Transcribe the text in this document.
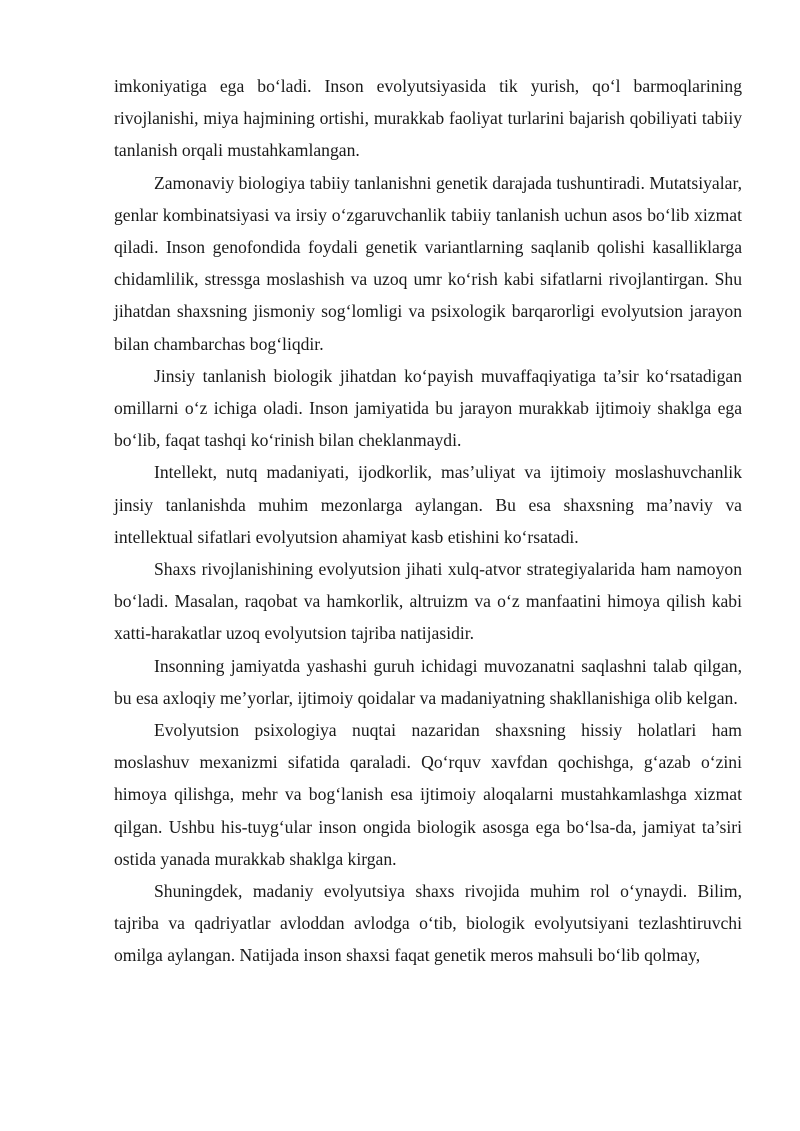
imkoniyatiga ega bo‘ladi. Inson evolyutsiyasida tik yurish, qo‘l barmoqlarining rivojlanishi, miya hajmining ortishi, murakkab faoliyat turlarini bajarish qobiliyati tabiiy tanlanish orqali mustahkamlangan.

Zamonaviy biologiya tabiiy tanlanishni genetik darajada tushuntiradi. Mutatsiyalar, genlar kombinatsiyasi va irsiy o‘zgaruvchanlik tabiiy tanlanish uchun asos bo‘lib xizmat qiladi. Inson genofondida foydali genetik variantlarning saqlanib qolishi kasalliklarga chidamlilik, stressga moslashish va uzoq umr ko‘rish kabi sifatlarni rivojlantirgan. Shu jihatdan shaxsning jismoniy sog‘lomligi va psixologik barqarorligi evolyutsion jarayon bilan chambarchas bog‘liqdir.

Jinsiy tanlanish biologik jihatdan ko‘payish muvaffaqiyatiga ta’sir ko‘rsatadigan omillarni o‘z ichiga oladi. Inson jamiyatida bu jarayon murakkab ijtimoiy shaklga ega bo‘lib, faqat tashqi ko‘rinish bilan cheklanmaydi.

Intellekt, nutq madaniyati, ijodkorlik, mas’uliyat va ijtimoiy moslashuvchanlik jinsiy tanlanishda muhim mezonlarga aylangan. Bu esa shaxsning ma’naviy va intellektual sifatlari evolyutsion ahamiyat kasb etishini ko‘rsatadi.

Shaxs rivojlanishining evolyutsion jihati xulq-atvor strategiyalarida ham namoyon bo‘ladi. Masalan, raqobat va hamkorlik, altruizm va o‘z manfaatini himoya qilish kabi xatti-harakatlar uzoq evolyutsion tajriba natijasidir.

Insonning jamiyatda yashashi guruh ichidagi muvozanatni saqlashni talab qilgan, bu esa axloqiy me’yorlar, ijtimoiy qoidalar va madaniyatning shakllanishiga olib kelgan.

Evolyutsion psixologiya nuqtai nazaridan shaxsning hissiy holatlari ham moslashuv mexanizmi sifatida qaraladi. Qo‘rquv xavfdan qochishga, g‘azab o‘zini himoya qilishga, mehr va bog‘lanish esa ijtimoiy aloqalarni mustahkamlashga xizmat qilgan. Ushbu his-tuyg‘ular inson ongida biologik asosga ega bo‘lsa-da, jamiyat ta’siri ostida yanada murakkab shaklga kirgan.

Shuningdek, madaniy evolyutsiya shaxs rivojida muhim rol o‘ynaydi. Bilim, tajriba va qadriyatlar avloddan avlodga o‘tib, biologik evolyutsiyani tezlashtiruvchi omilga aylangan. Natijada inson shaxsi faqat genetik meros mahsuli bo‘lib qolmay,
